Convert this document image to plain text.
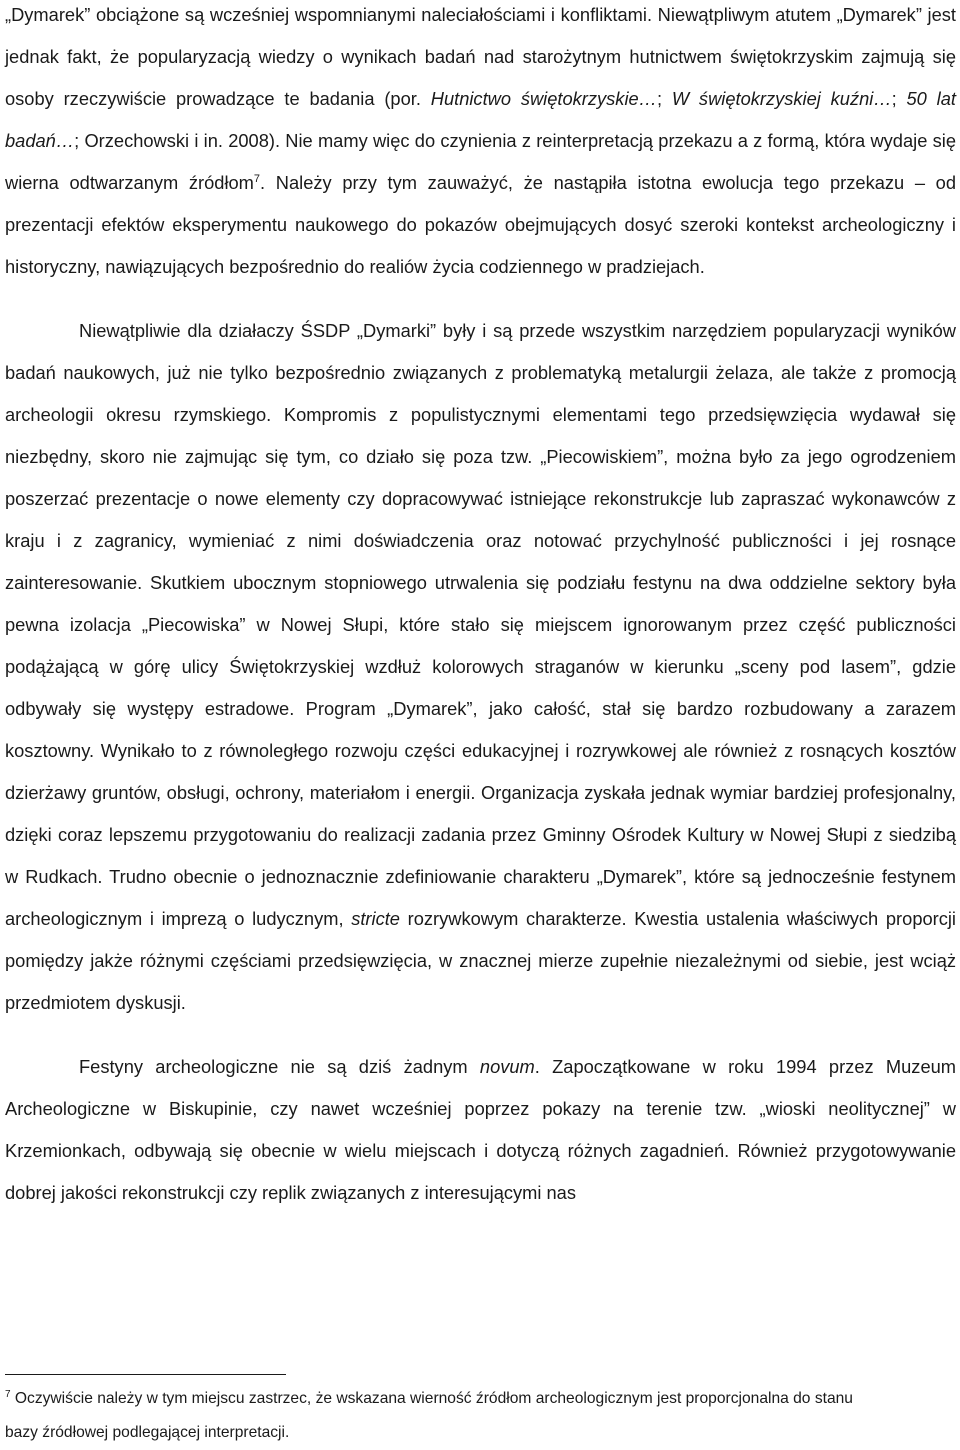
„Dymarek” obciążone są wcześniej wspomnianymi naleciałościami i konfliktami. Niewątpliwym atutem „Dymarek” jest jednak fakt, że popularyzacją wiedzy o wynikach badań nad starożytnym hutnictwem świętokrzyskim zajmują się osoby rzeczywiście prowadzące te badania (por. Hutnictwo świętokrzyskie…; W świętokrzyskiej kuźni…; 50 lat badań…; Orzechowski i in. 2008). Nie mamy więc do czynienia z reinterpretacją przekazu a z formą, która wydaje się wierna odtwarzanym źródłom$^7$. Należy przy tym zauważyć, że nastąpiła istotna ewolucja tego przekazu – od prezentacji efektów eksperymentu naukowego do pokazów obejmujących dosyć szeroki kontekst archeologiczny i historyczny, nawiązujących bezpośrednio do realiów życia codziennego w pradziejach.

Niewątpliwie dla działaczy ŚSDP „Dymarki” były i są przede wszystkim narzędziem popularyzacji wyników badań naukowych, już nie tylko bezpośrednio związanych z problematyką metalurgii żelaza, ale także z promocją archeologii okresu rzymskiego. Kompromis z populistycznymi elementami tego przedsięwzięcia wydawał się niezbędny, skoro nie zajmując się tym, co działo się poza tzw. „Piecowiskiem”, można było za jego ogrodzeniem poszerzać prezentacje o nowe elementy czy dopracowywać istniejące rekonstrukcje lub zapraszać wykonawców z kraju i z zagranicy, wymieniać z nimi doświadczenia oraz notować przychylność publiczności i jej rosnące zainteresowanie. Skutkiem ubocznym stopniowego utrwalenia się podziału festynu na dwa oddzielne sektory była pewna izolacja „Piecowiska” w Nowej Słupi, które stało się miejscem ignorowanym przez część publiczności podążającą w górę ulicy Świętokrzyskiej wzdłuż kolorowych straganów w kierunku „sceny pod lasem”, gdzie odbywały się występy estradowe. Program „Dymarek”, jako całość, stał się bardzo rozbudowany a zarazem kosztowny. Wynikało to z równoległego rozwoju części edukacyjnej i rozrywkowej ale również z rosnących kosztów dzierżawy gruntów, obsługi, ochrony, materiałom i energii. Organizacja zyskała jednak wymiar bardziej profesjonalny, dzięki coraz lepszemu przygotowaniu do realizacji zadania przez Gminny Ośrodek Kultury w Nowej Słupi z siedzibą w Rudkach. Trudno obecnie o jednoznacznie zdefiniowanie charakteru „Dymarek”, które są jednocześnie festynem archeologicznym i imprezą o ludycznym, stricte rozrywkowym charakterze. Kwestia ustalenia właściwych proporcji pomiędzy jakże różnymi częściami przedsięwzięcia, w znacznej mierze zupełnie niezależnymi od siebie, jest wciąż przedmiotem dyskusji.

Festyny archeologiczne nie są dziś żadnym novum. Zapoczątkowane w roku 1994 przez Muzeum Archeologiczne w Biskupinie, czy nawet wcześniej poprzez pokazy na terenie tzw. „wioski neolitycznej” w Krzemionkach, odbywają się obecnie w wielu miejscach i dotyczą różnych zagadnień. Również przygotowywanie dobrej jakości rekonstrukcji czy replik związanych z interesującymi nas

$^7$ Oczywiście należy w tym miejscu zastrzec, że wskazana wierność źródłom archeologicznym jest proporcjonalna do stanu bazy źródłowej podlegającej interpretacji.
